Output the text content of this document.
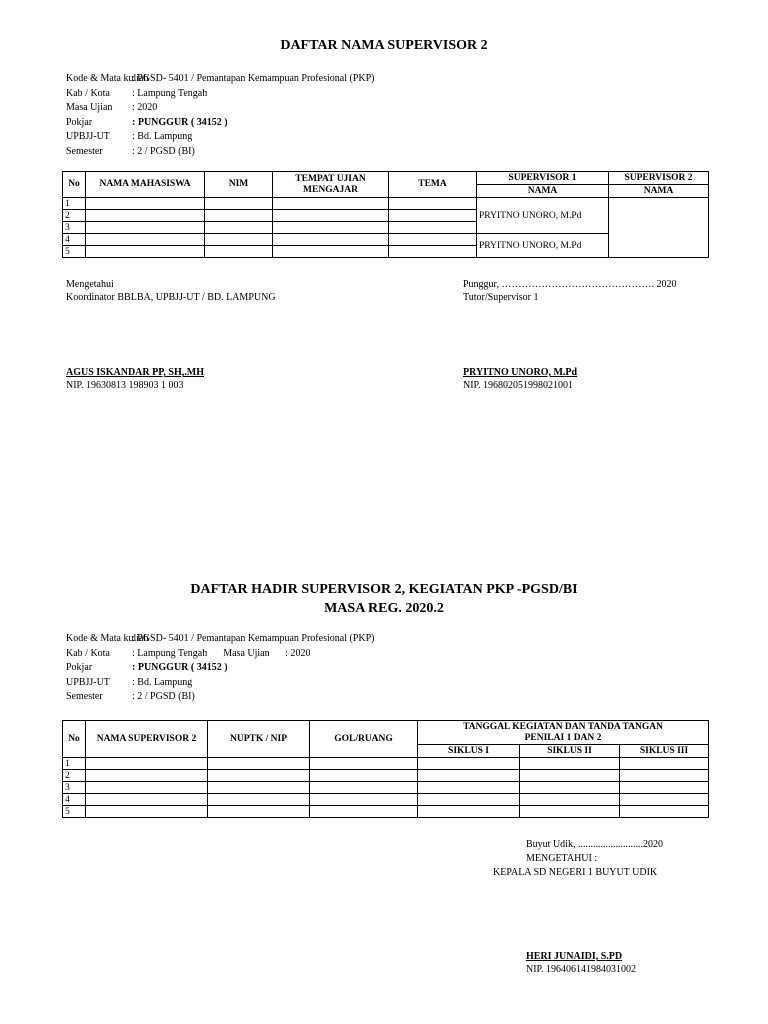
DAFTAR NAMA SUPERVISOR 2
Kode & Mata kuliah: PGSD- 5401 / Pemantapan Kemampuan Profesional (PKP)
Kab / Kota : Lampung Tengah
Masa Ujian : 2020
Pokjar	: PUNGGUR ( 34152 )
UPBJJ-UT : Bd. Lampung
Semester	: 2 / PGSD (BI)
No	NAMA MAHASISWA	NIM	TEMPAT UJIAN MENGAJAR	TEMA	SUPERVISOR 1	SUPERVISOR 2
					NAMA	NAMA
1					PRYITNO UNORO, M.Pd	
2						
3						
4					PRYITNO UNORO, M.Pd	
5						
Mengetahui
Koordinator BBLBA, UPBJJ-UT / BD. LAMPUNG
AGUS ISKANDAR PP, SH,.MH
NIP. 19630813 198903 1 003
Punggur, ………………………………………. 2020
Tutor/Supervisor 1
PRYITNO UNORO, M.Pd
NIP. 196802051998021001
DAFTAR HADIR SUPERVISOR 2, KEGIATAN PKP -PGSD/BI
MASA REG. 2020.2
Kode & Mata kuliah: PGSD- 5401 / Pemantapan Kemampuan Profesional (PKP)
Kab / Kota : Lampung Tengah Masa Ujian : 2020
Pokjar	: PUNGGUR ( 34152 )
UPBJJ-UT : Bd. Lampung
Semester	: 2 / PGSD (BI)
No	NAMA SUPERVISOR 2	NUPTK / NIP	GOL/RUANG	TANGGAL KEGIATAN DAN TANDA TANGAN PENILAI 1 DAN 2		
				SIKLUS I	SIKLUS II	SIKLUS III
1						
2						
3						
4						
5						
Buyut Udik, ..........................2020
MENGETAHUI :
KEPALA SD NEGERI 1 BUYUT UDIK
HERI JUNAIDI, S.PD
NIP. 196406141984031002
